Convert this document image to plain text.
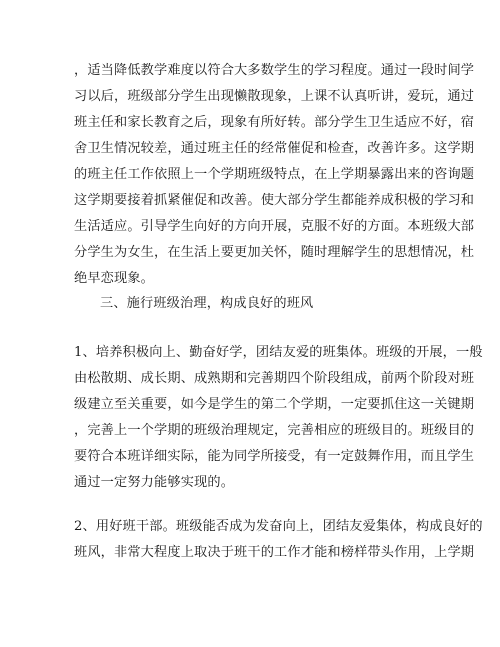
，适当降低教学难度以符合大多数学生的学习程度。通过一段时间学
习以后，班级部分学生出现懒散现象，上课不认真听讲，爱玩，通过
班主任和家长教育之后，现象有所好转。部分学生卫生适应不好，宿
舍卫生情况较差，通过班主任的经常催促和检查，改善许多。这学期
的班主任工作依照上一个学期班级特点，在上学期暴露出来的咨询题
这学期要接着抓紧催促和改善。使大部分学生都能养成积极的学习和
生活适应。引导学生向好的方向开展，克服不好的方面。本班级大部
分学生为女生，在生活上要更加关怀，随时理解学生的思想情况，杜
绝早恋现象。
三、施行班级治理，构成良好的班风
1、培养积极向上、勤奋好学，团结友爱的班集体。班级的开展，一般
由松散期、成长期、成熟期和完善期四个阶段组成，前两个阶段对班
级建立至关重要，如今是学生的第二个学期，一定要抓住这一关键期
，完善上一个学期的班级治理规定，完善相应的班级目的。班级目的
要符合本班详细实际，能为同学所接受，有一定鼓舞作用，而且学生
通过一定努力能够实现的。
2、用好班干部。班级能否成为发奋向上，团结友爱集体，构成良好的
班风，非常大程度上取决于班干的工作才能和榜样带头作用，上学期
